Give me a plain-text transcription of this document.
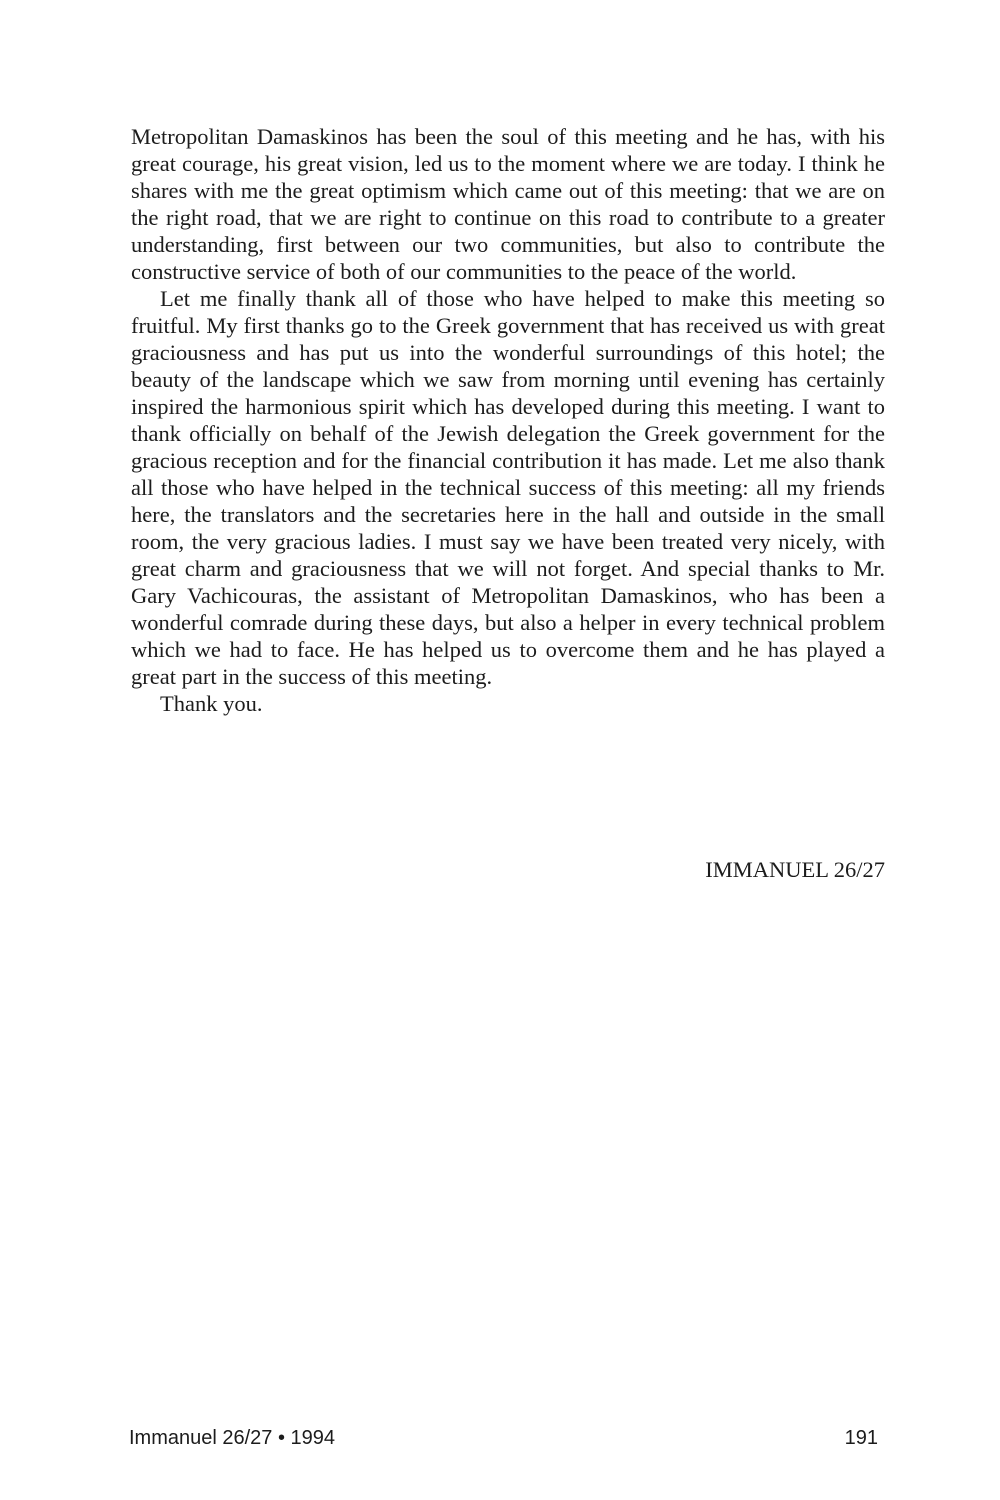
Metropolitan Damaskinos has been the soul of this meeting and he has, with his great courage, his great vision, led us to the moment where we are today. I think he shares with me the great optimism which came out of this meeting: that we are on the right road, that we are right to continue on this road to contribute to a greater understanding, first between our two communities, but also to contribute the constructive service of both of our communities to the peace of the world.

Let me finally thank all of those who have helped to make this meeting so fruitful. My first thanks go to the Greek government that has received us with great graciousness and has put us into the wonderful surroundings of this hotel; the beauty of the landscape which we saw from morning until evening has certainly inspired the harmonious spirit which has developed during this meeting. I want to thank officially on behalf of the Jewish delegation the Greek government for the gracious reception and for the financial contribution it has made. Let me also thank all those who have helped in the technical success of this meeting: all my friends here, the translators and the secretaries here in the hall and outside in the small room, the very gracious ladies. I must say we have been treated very nicely, with great charm and graciousness that we will not forget. And special thanks to Mr. Gary Vachicouras, the assistant of Metropolitan Damaskinos, who has been a wonderful comrade during these days, but also a helper in every technical problem which we had to face. He has helped us to overcome them and he has played a great part in the success of this meeting.

Thank you.

IMMANUEL 26/27
Immanuel 26/27 • 1994	191
